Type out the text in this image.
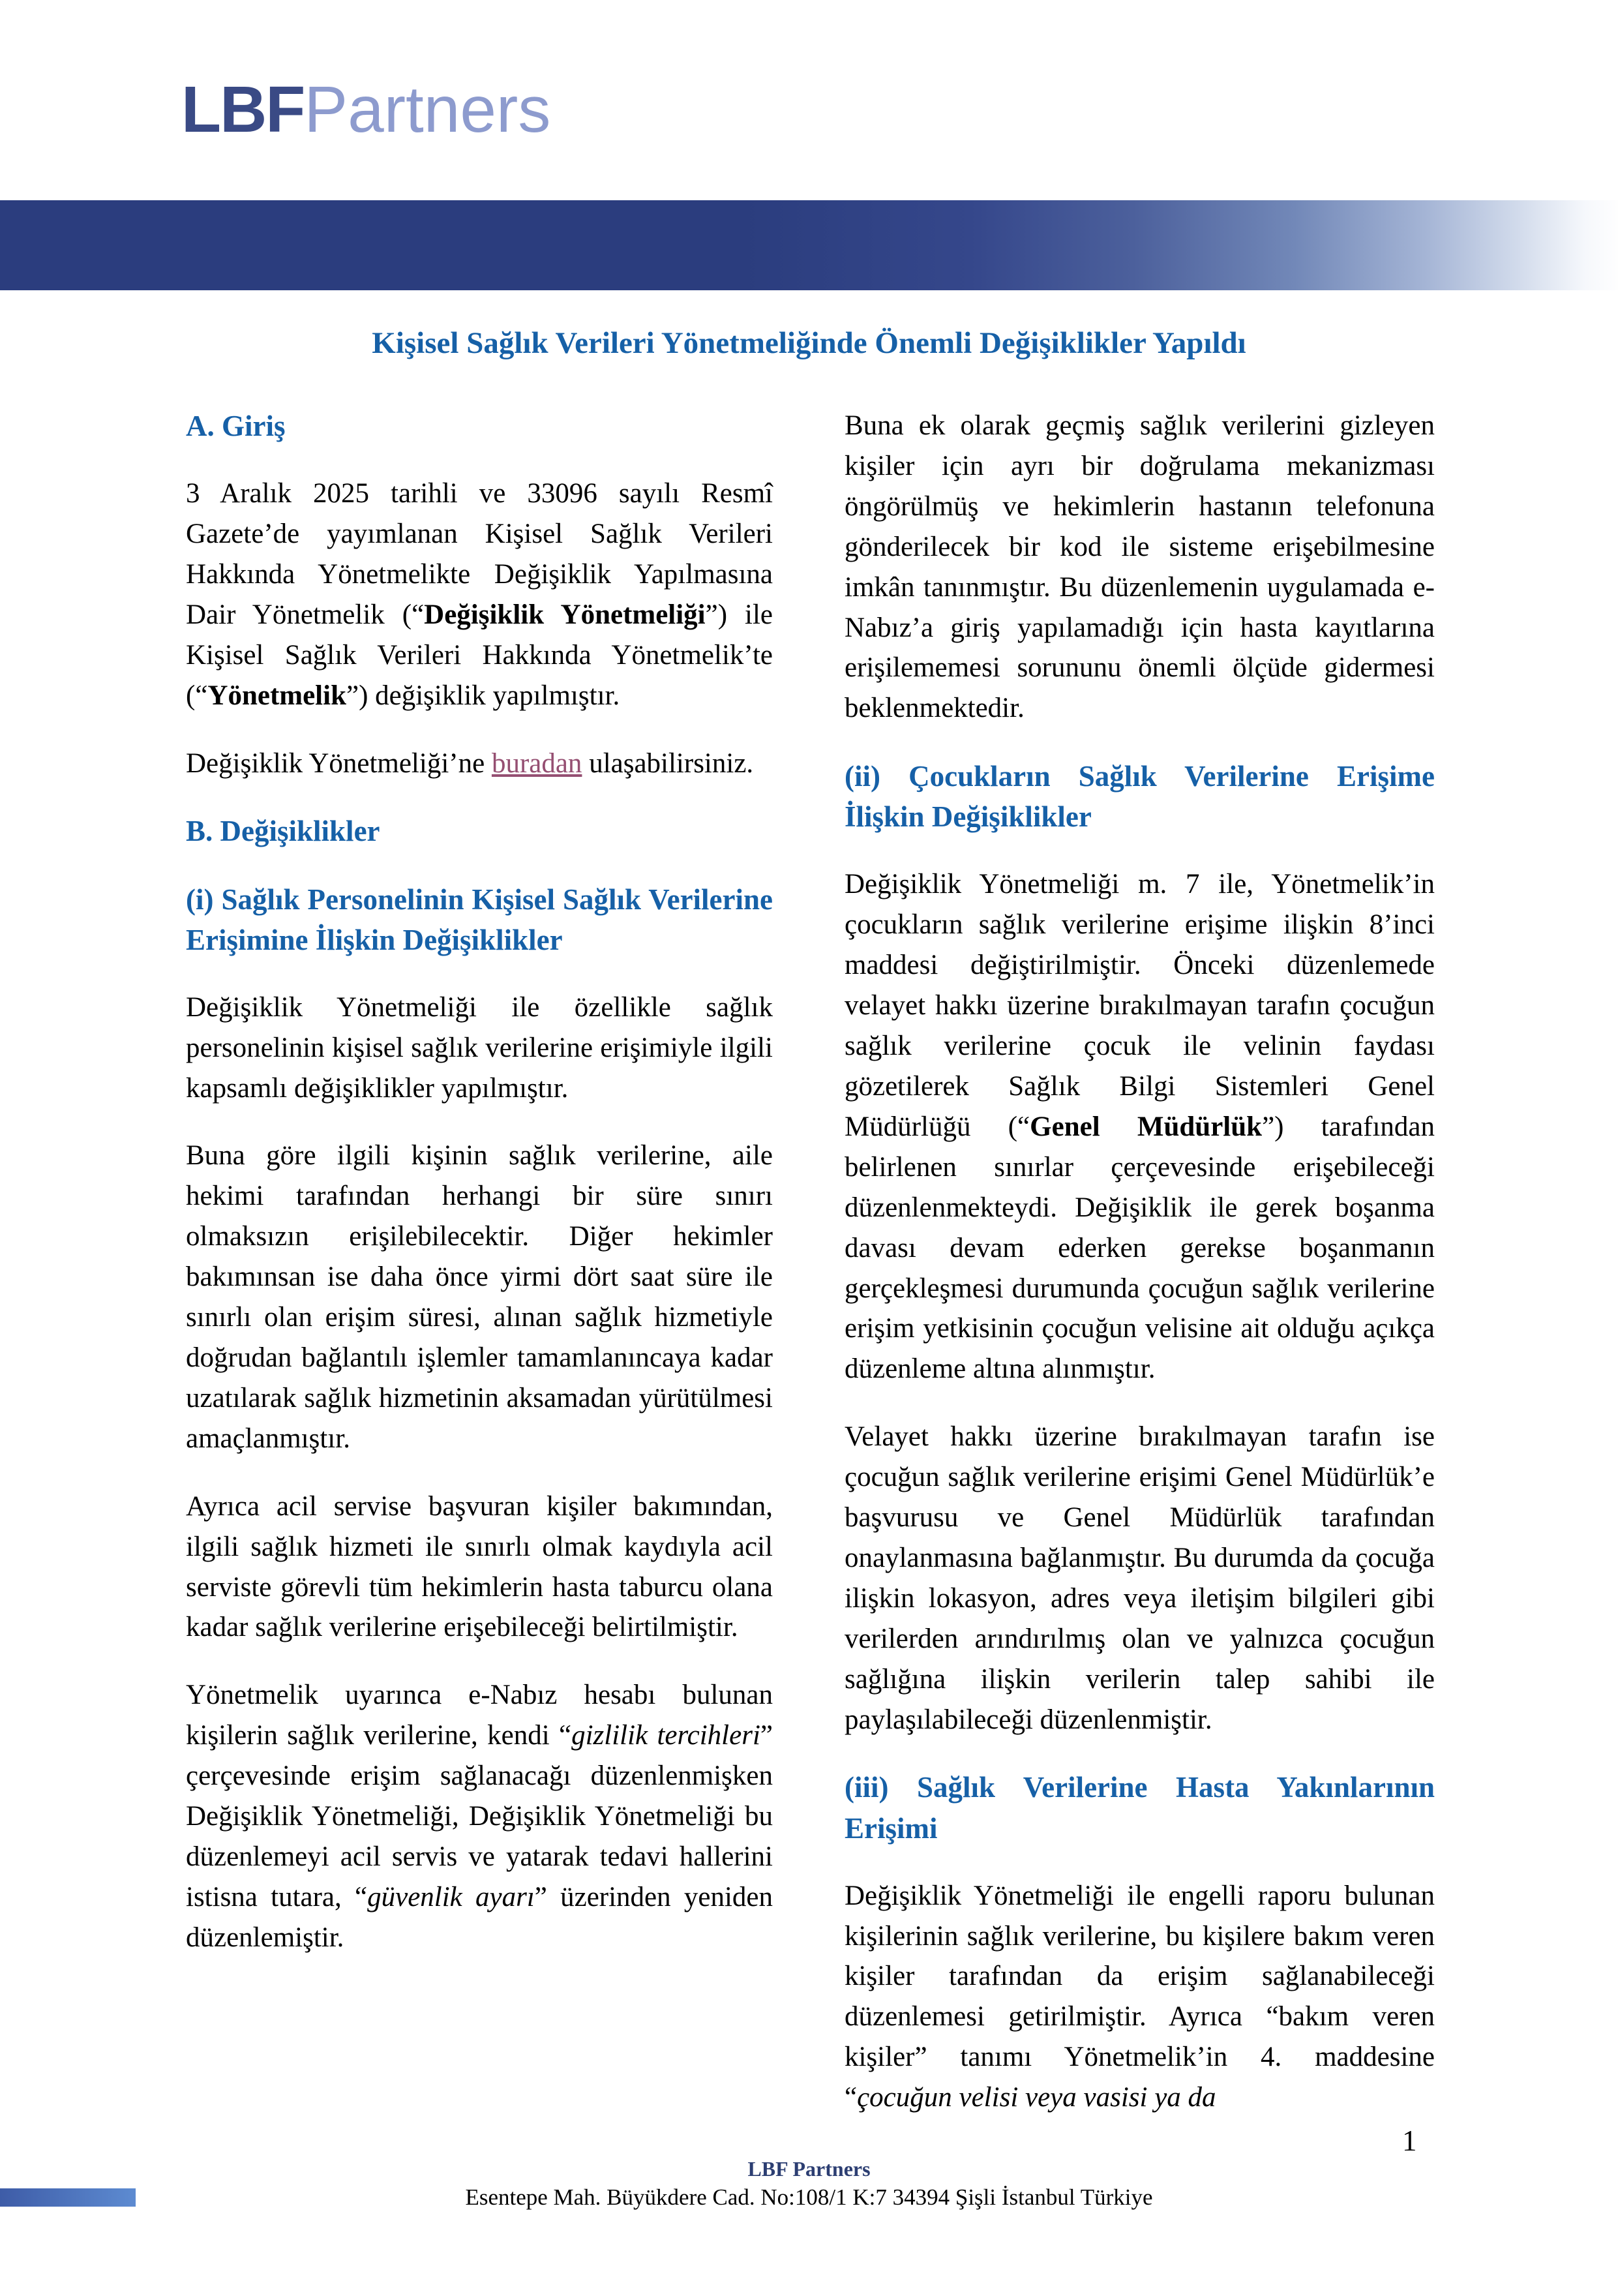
LBFPartners
Kişisel Sağlık Verileri Yönetmeliğinde Önemli Değişiklikler Yapıldı
A. Giriş

3 Aralık 2025 tarihli ve 33096 sayılı Resmî Gazete’de yayımlanan Kişisel Sağlık Verileri Hakkında Yönetmelikte Değişiklik Yapılmasına Dair Yönetmelik (“Değişiklik Yönetmeliği”) ile Kişisel Sağlık Verileri Hakkında Yönetmelik’te (“Yönetmelik”) değişiklik yapılmıştır.

Değişiklik Yönetmeliği’ne buradan ulaşabilirsiniz.

B. Değişiklikler
(i) Sağlık Personelinin Kişisel Sağlık Verilerine Erişimine İlişkin Değişiklikler

Değişiklik Yönetmeliği ile özellikle sağlık personelinin kişisel sağlık verilerine erişimiyle ilgili kapsamlı değişiklikler yapılmıştır.

Buna göre ilgili kişinin sağlık verilerine, aile hekimi tarafından herhangi bir süre sınırı olmaksızın erişilebilecektir. Diğer hekimler bakımınsan ise daha önce yirmi dört saat süre ile sınırlı olan erişim süresi, alınan sağlık hizmetiyle doğrudan bağlantılı işlemler tamamlanıncaya kadar uzatılarak sağlık hizmetinin aksamadan yürütülmesi amaçlanmıştır.

Ayrıca acil servise başvuran kişiler bakımından, ilgili sağlık hizmeti ile sınırlı olmak kaydıyla acil serviste görevli tüm hekimlerin hasta taburcu olana kadar sağlık verilerine erişebileceği belirtilmiştir.

Yönetmelik uyarınca e-Nabız hesabı bulunan kişilerin sağlık verilerine, kendi “gizlilik tercihleri” çerçevesinde erişim sağlanacağı düzenlenmişken Değişiklik Yönetmeliği, Değişiklik Yönetmeliği bu düzenlemeyi acil servis ve yatarak tedavi hallerini istisna tutara, “güvenlik ayarı” üzerinden yeniden düzenlemiştir.

Buna ek olarak geçmiş sağlık verilerini gizleyen kişiler için ayrı bir doğrulama mekanizması öngörülmüş ve hekimlerin hastanın telefonuna gönderilecek bir kod ile sisteme erişebilmesine imkân tanınmıştır. Bu düzenlemenin uygulamada e-Nabız’a giriş yapılamadığı için hasta kayıtlarına erişilememesi sorununu önemli ölçüde gidermesi beklenmektedir.

(ii) Çocukların Sağlık Verilerine Erişime İlişkin Değişiklikler

Değişiklik Yönetmeliği m. 7 ile, Yönetmelik’in çocukların sağlık verilerine erişime ilişkin 8’inci maddesi değiştirilmiştir. Önceki düzenlemede velayet hakkı üzerine bırakılmayan tarafın çocuğun sağlık verilerine çocuk ile velinin faydası gözetilerek Sağlık Bilgi Sistemleri Genel Müdürlüğü (“Genel Müdürlük”) tarafından belirlenen sınırlar çerçevesinde erişebileceği düzenlenmekteydi. Değişiklik ile gerek boşanma davası devam ederken gerekse boşanmanın gerçekleşmesi durumunda çocuğun sağlık verilerine erişim yetkisinin çocuğun velisine ait olduğu açıkça düzenleme altına alınmıştır.

Velayet hakkı üzerine bırakılmayan tarafın ise çocuğun sağlık verilerine erişimi Genel Müdürlük’e başvurusu ve Genel Müdürlük tarafından onaylanmasına bağlanmıştır. Bu durumda da çocuğa ilişkin lokasyon, adres veya iletişim bilgileri gibi verilerden arındırılmış olan ve yalnızca çocuğun sağlığına ilişkin verilerin talep sahibi ile paylaşılabileceği düzenlenmiştir.

(iii) Sağlık Verilerine Hasta Yakınlarının Erişimi

Değişiklik Yönetmeliği ile engelli raporu bulunan kişilerinin sağlık verilerine, bu kişilere bakım veren kişiler tarafından da erişim sağlanabileceği düzenlemesi getirilmiştir. Ayrıca “bakım veren kişiler” tanımı Yönetmelik’in 4. maddesine “çocuğun velisi veya vasisi ya da

LBF Partners
Esentepe Mah. Büyükdere Cad. No:108/1 K:7 34394 Şişli İstanbul Türkiye
1
